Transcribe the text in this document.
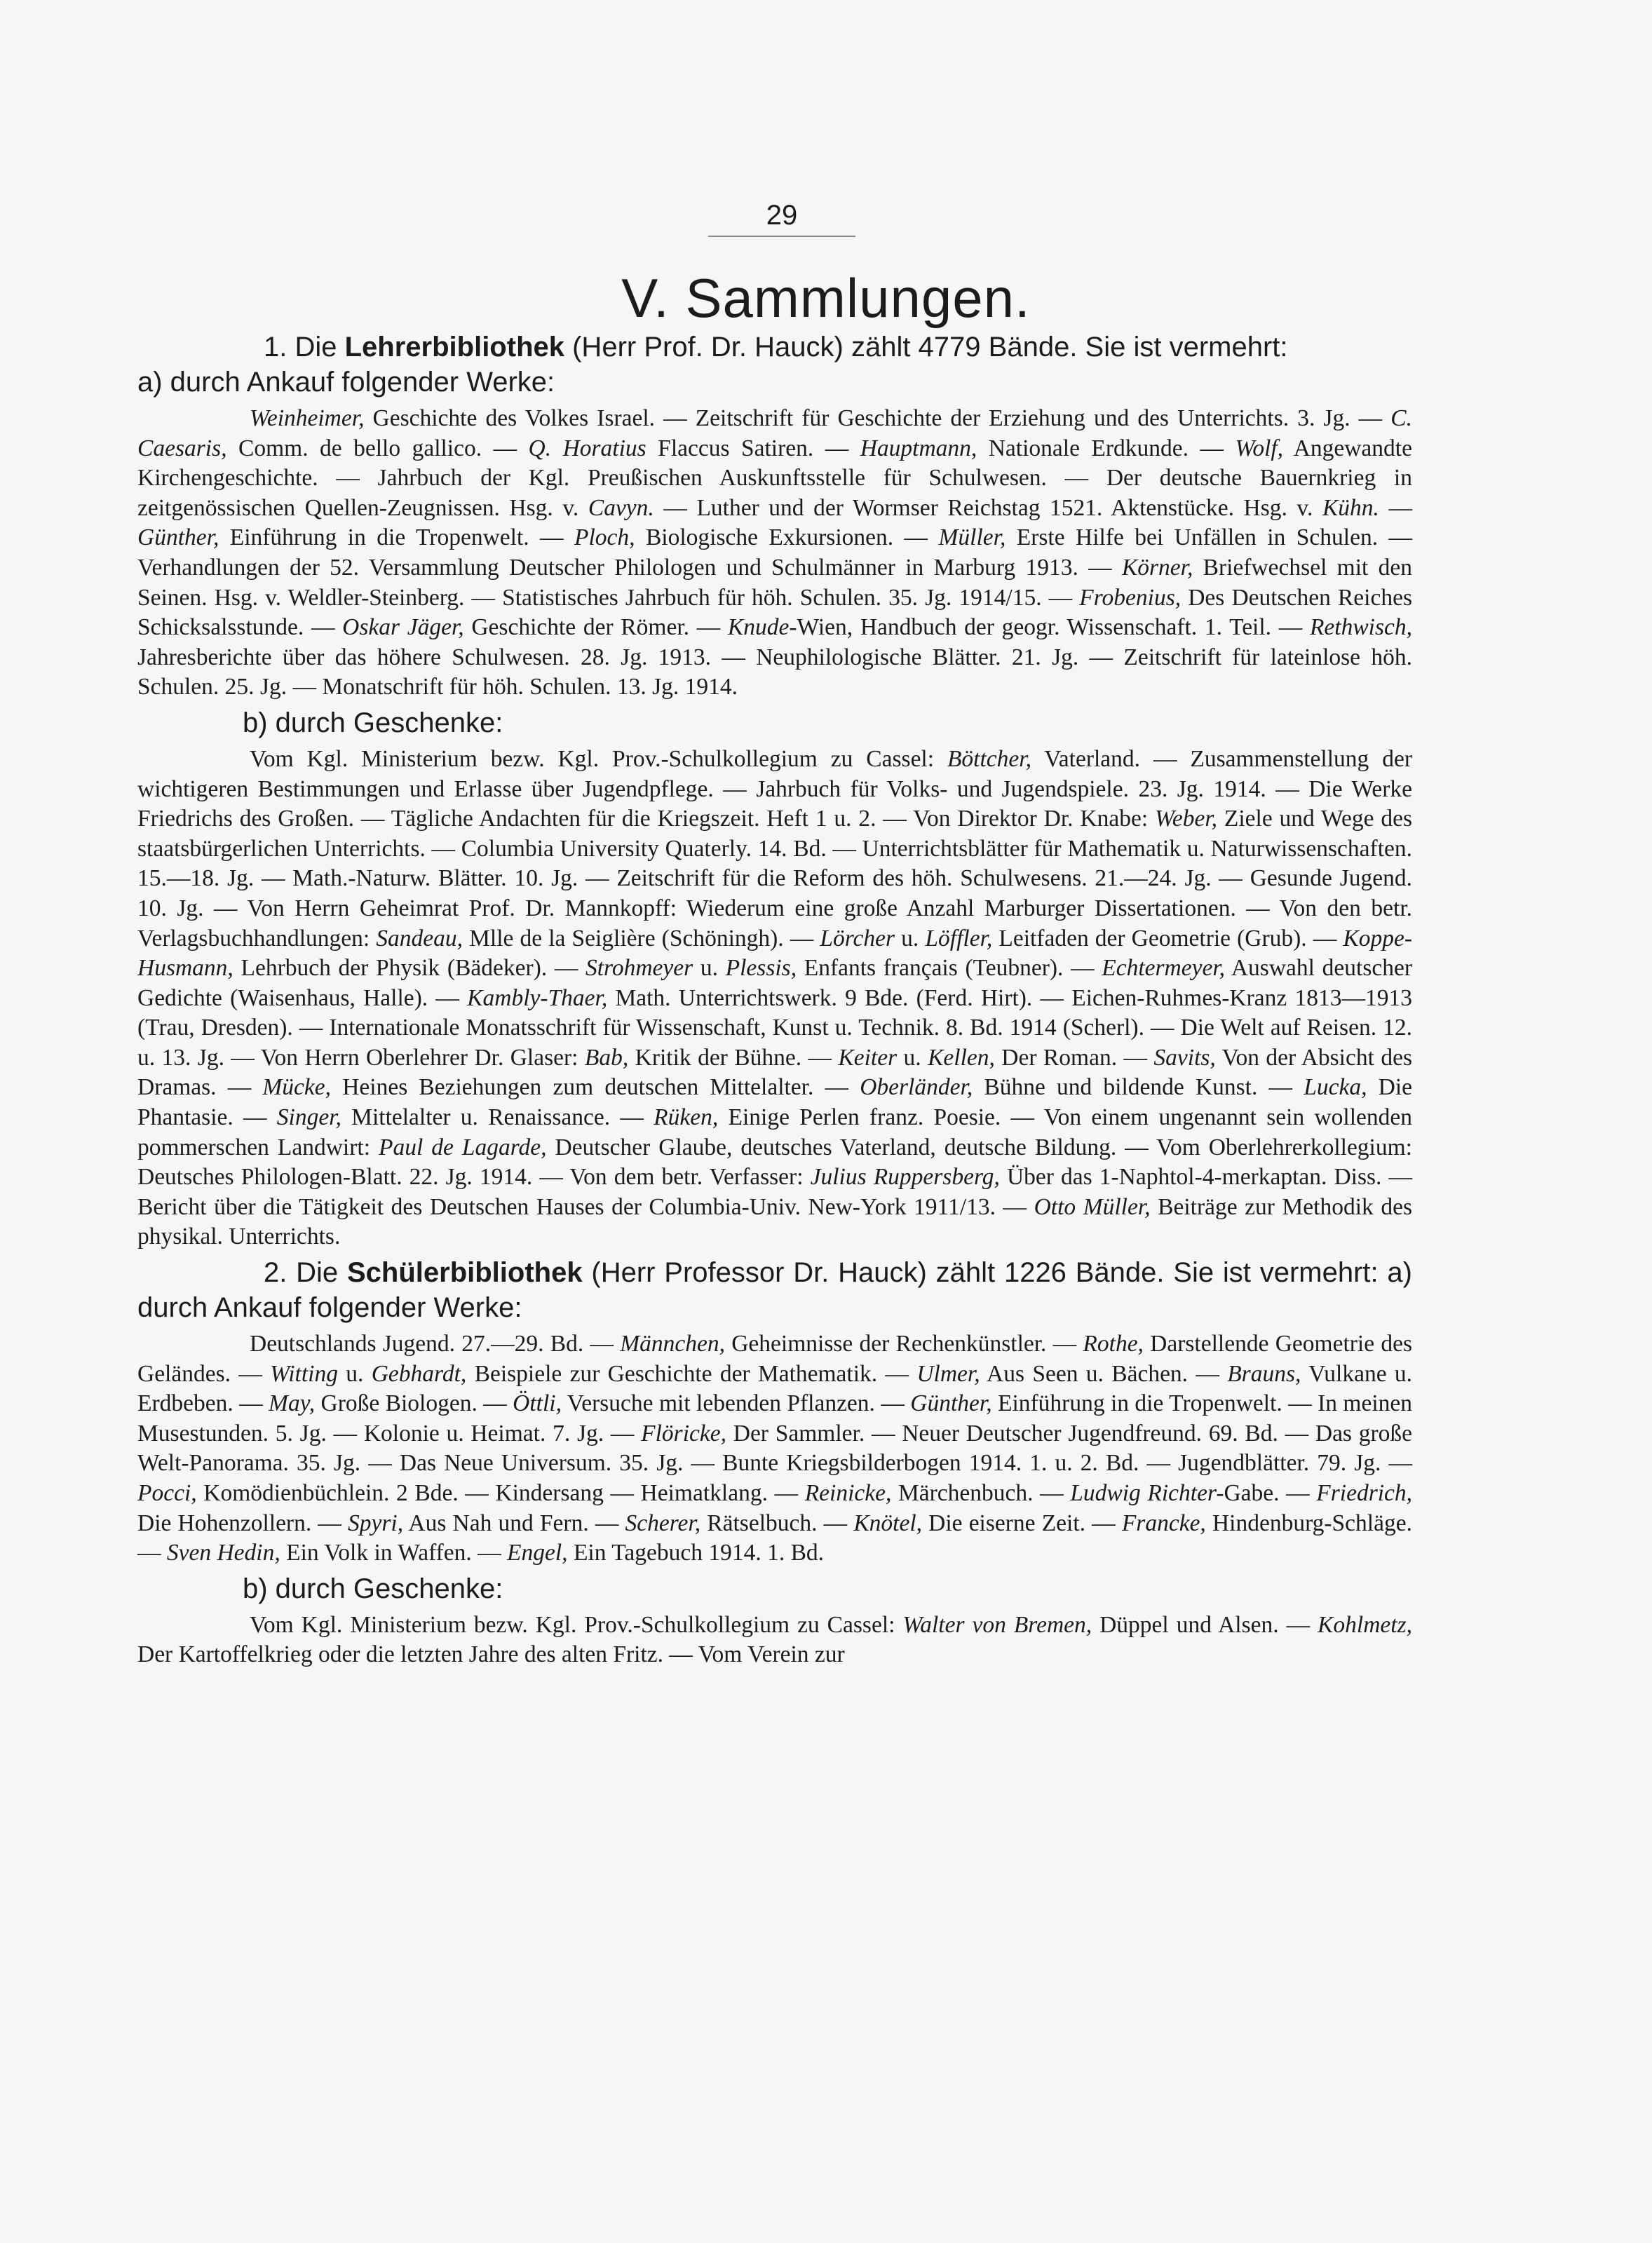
29
V. Sammlungen.
1. Die Lehrerbibliothek (Herr Prof. Dr. Hauck) zählt 4779 Bände. Sie ist vermehrt:
a) durch Ankauf folgender Werke:

Weinheimer, Geschichte des Volkes Israel. — Zeitschrift für Geschichte der Erziehung und des Unterrichts. 3. Jg. — C. Caesaris, Comm. de bello gallico. — Q. Horatius Flaccus Satiren. — Hauptmann, Nationale Erdkunde. — Wolf, Angewandte Kirchengeschichte. — Jahrbuch der Kgl. Preußischen Auskunftsstelle für Schulwesen. — Der deutsche Bauernkrieg in zeitgenössischen Quellen-Zeugnissen. Hsg. v. Cavyn. — Luther und der Wormser Reichstag 1521. Aktenstücke. Hsg. v. Kühn. — Günther, Einführung in die Tropenwelt. — Ploch, Biologische Exkursionen. — Müller, Erste Hilfe bei Unfällen in Schulen. — Verhandlungen der 52. Versammlung Deutscher Philologen und Schulmänner in Marburg 1913. — Körner, Briefwechsel mit den Seinen. Hsg. v. Weldler-Steinberg. — Statistisches Jahrbuch für höh. Schulen. 35. Jg. 1914/15. — Frobenius, Des Deutschen Reiches Schicksalsstunde. — Oskar Jäger, Geschichte der Römer. — Knude-Wien, Handbuch der geogr. Wissenschaft. 1. Teil. — Rethwisch, Jahresberichte über das höhere Schulwesen. 28. Jg. 1913. — Neuphilologische Blätter. 21. Jg. — Zeitschrift für lateinlose höh. Schulen. 25. Jg. — Monatschrift für höh. Schulen. 13. Jg. 1914.

b) durch Geschenke:

Vom Kgl. Ministerium bezw. Kgl. Prov.-Schulkollegium zu Cassel: Böttcher, Vaterland. — Zusammenstellung der wichtigeren Bestimmungen und Erlasse über Jugendpflege. — Jahrbuch für Volks- und Jugendspiele. 23. Jg. 1914. — Die Werke Friedrichs des Großen. — Tägliche Andachten für die Kriegszeit. Heft 1 u. 2. — Von Direktor Dr. Knabe: Weber, Ziele und Wege des staatsbürgerlichen Unterrichts. — Columbia University Quaterly. 14. Bd. — Unterrichtsblätter für Mathematik u. Naturwissenschaften. 15.—18. Jg. — Math.-Naturw. Blätter. 10. Jg. — Zeitschrift für die Reform des höh. Schulwesens. 21.—24. Jg. — Gesunde Jugend. 10. Jg. — Von Herrn Geheimrat Prof. Dr. Mannkopff: Wiederum eine große Anzahl Marburger Dissertationen. — Von den betr. Verlagsbuchhandlungen: Sandeau, Mlle de la Seiglière (Schöningh). — Lörcher u. Löffler, Leitfaden der Geometrie (Grub). — Koppe-Husmann, Lehrbuch der Physik (Bädeker). — Strohmeyer u. Plessis, Enfants français (Teubner). — Echtermeyer, Auswahl deutscher Gedichte (Waisenhaus, Halle). — Kambly-Thaer, Math. Unterrichtswerk. 9 Bde. (Ferd. Hirt). — Eichen-Ruhmes-Kranz 1813—1913 (Trau, Dresden). — Internationale Monatsschrift für Wissenschaft, Kunst u. Technik. 8. Bd. 1914 (Scherl). — Die Welt auf Reisen. 12. u. 13. Jg. — Von Herrn Oberlehrer Dr. Glaser: Bab, Kritik der Bühne. — Keiter u. Kellen, Der Roman. — Savits, Von der Absicht des Dramas. — Mücke, Heines Beziehungen zum deutschen Mittelalter. — Oberländer, Bühne und bildende Kunst. — Lucka, Die Phantasie. — Singer, Mittelalter u. Renaissance. — Rüken, Einige Perlen franz. Poesie. — Von einem ungenannt sein wollenden pommerschen Landwirt: Paul de Lagarde, Deutscher Glaube, deutsches Vaterland, deutsche Bildung. — Vom Oberlehrerkollegium: Deutsches Philologen-Blatt. 22. Jg. 1914. — Von dem betr. Verfasser: Julius Ruppersberg, Über das 1-Naphtol-4-merkaptan. Diss. — Bericht über die Tätigkeit des Deutschen Hauses der Columbia-Univ. New-York 1911/13. — Otto Müller, Beiträge zur Methodik des physikal. Unterrichts.

2. Die Schülerbibliothek (Herr Professor Dr. Hauck) zählt 1226 Bände. Sie ist vermehrt: a) durch Ankauf folgender Werke:

Deutschlands Jugend. 27.—29. Bd. — Männchen, Geheimnisse der Rechenkünstler. — Rothe, Darstellende Geometrie des Geländes. — Witting u. Gebhardt, Beispiele zur Geschichte der Mathematik. — Ulmer, Aus Seen u. Bächen. — Brauns, Vulkane u. Erdbeben. — May, Große Biologen. — Öttli, Versuche mit lebenden Pflanzen. — Günther, Einführung in die Tropenwelt. — In meinen Musestunden. 5. Jg. — Kolonie u. Heimat. 7. Jg. — Flöricke, Der Sammler. — Neuer Deutscher Jugendfreund. 69. Bd. — Das große Welt-Panorama. 35. Jg. — Das Neue Universum. 35. Jg. — Bunte Kriegsbilderbogen 1914. 1. u. 2. Bd. — Jugendblätter. 79. Jg. — Pocci, Komödienbüchlein. 2 Bde. — Kindersang — Heimatklang. — Reinicke, Märchenbuch. — Ludwig Richter-Gabe. — Friedrich, Die Hohenzollern. — Spyri, Aus Nah und Fern. — Scherer, Rätselbuch. — Knötel, Die eiserne Zeit. — Francke, Hindenburg-Schläge. — Sven Hedin, Ein Volk in Waffen. — Engel, Ein Tagebuch 1914. 1. Bd.

b) durch Geschenke:

Vom Kgl. Ministerium bezw. Kgl. Prov.-Schulkollegium zu Cassel: Walter von Bremen, Düppel und Alsen. — Kohlmetz, Der Kartoffelkrieg oder die letzten Jahre des alten Fritz. — Vom Verein zur
